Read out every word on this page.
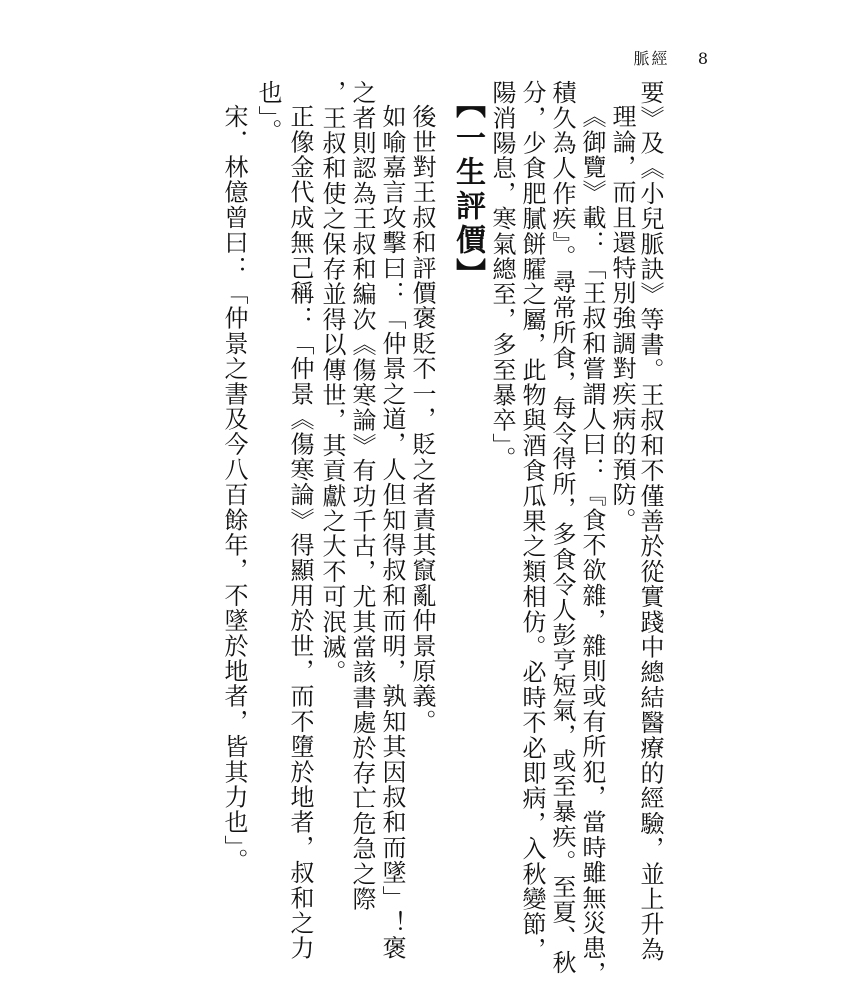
脈經 8
要》及《小兒脈訣》等書。王叔和不僅善於從實踐中總結醫療的經驗，並上升為
理論，而且還特別強調對疾病的預防。
《御覽》載：「王叔和嘗謂人曰：『食不欲雜，雜則或有所犯，當時雖無災患，
積久為人作疾』。尋常所食，每令得所，多食令人彭亨短氣，或至暴疾。至夏、秋
分，少食肥膩餅臛之屬，此物與酒食瓜果之類相仿。必時不必即病，入秋變節，
陽消陽息，寒氣總至，多至暴卒」。
【一生評價】
後世對王叔和評價褒貶不一，貶之者責其竄亂仲景原義。
如喻嘉言攻擊曰：「仲景之道，人但知得叔和而明，孰知其因叔和而墜」！褒
之者則認為王叔和編次《傷寒論》有功千古，尤其當該書處於存亡危急之際
，王叔和使之保存並得以傳世，其貢獻之大不可泯滅。
正像金代成無己稱：「仲景《傷寒論》得顯用於世，而不墮於地者，叔和之力
也」。
宋．林億曾曰：「仲景之書及今八百餘年，不墜於地者，皆其力也」。
